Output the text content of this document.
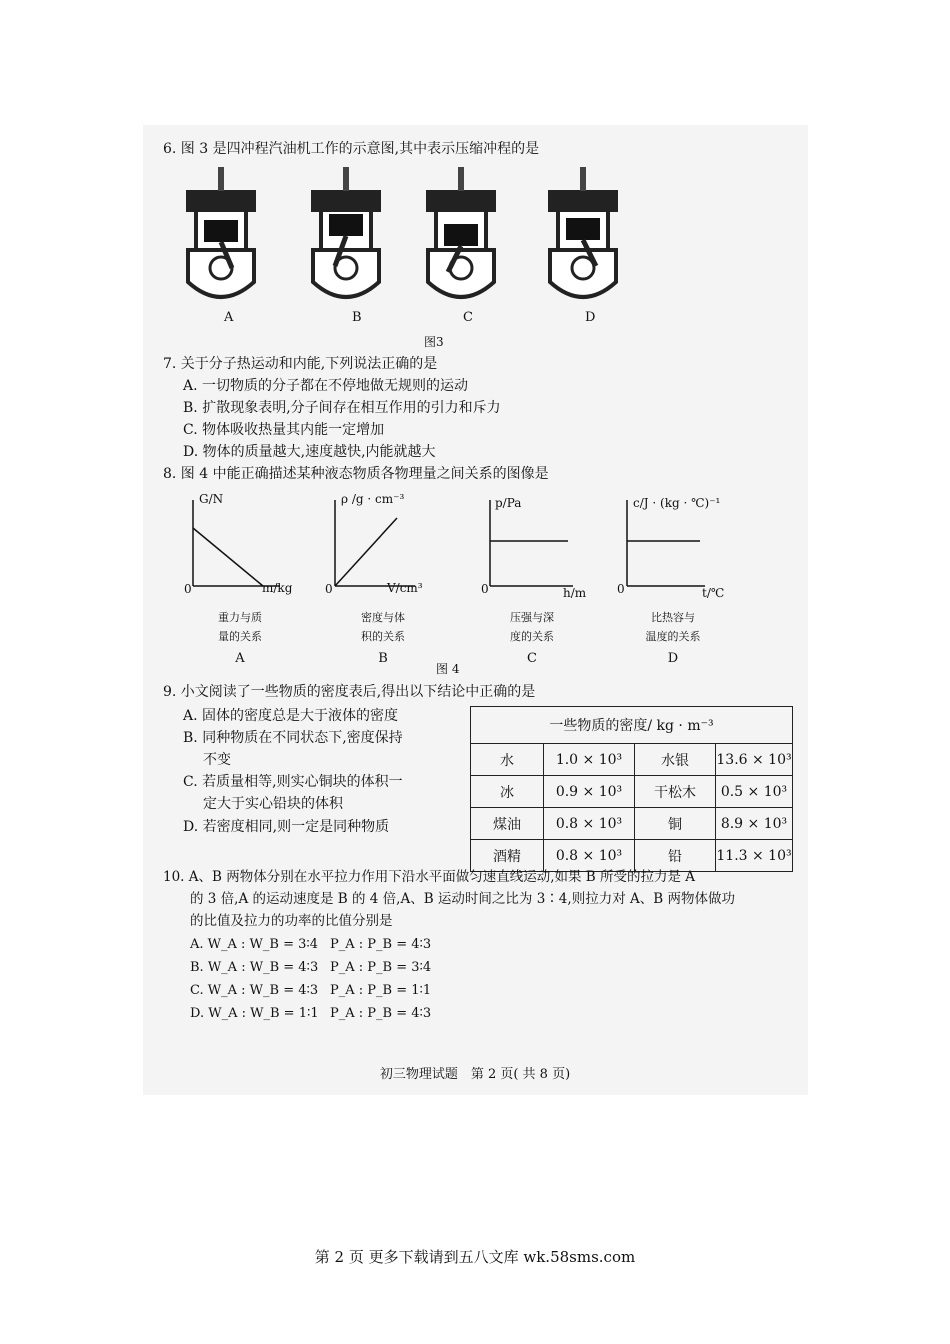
6. 图 3 是四冲程汽油机工作的示意图,其中表示压缩冲程的是
A	B	C	D
图3
7. 关于分子热运动和内能,下列说法正确的是
A. 一切物质的分子都在不停地做无规则的运动
B. 扩散现象表明,分子间存在相互作用的引力和斥力
C. 物体吸收热量其内能一定增加
D. 物体的质量越大,速度越快,内能就越大
8. 图 4 中能正确描述某种液态物质各物理量之间关系的图像是
G/N
m/kg
0
ρ /g · cm⁻³
V/cm³
0
p/Pa
h/m
0
c/J · (kg · ℃)⁻¹
t/℃
0
重力与质
量的关系
A
密度与体
积的关系
B
压强与深
度的关系
C
比热容与
温度的关系
D
图 4
9. 小文阅读了一些物质的密度表后,得出以下结论中正确的是
A. 固体的密度总是大于液体的密度
B. 同种物质在不同状态下,密度保持
不变
C. 若质量相等,则实心铜块的体积一
定大于实心铅块的体积
D. 若密度相同,则一定是同种物质
一些物质的密度/ kg · m⁻³			
水	1.0 × 10³	水银	13.6 × 10³
冰	0.9 × 10³	干松木	0.5 × 10³
煤油	0.8 × 10³	铜	8.9 × 10³
酒精	0.8 × 10³	铅	11.3 × 10³
10. A、B 两物体分别在水平拉力作用下沿水平面做匀速直线运动,如果 B 所受的拉力是 A
的 3 倍,A 的运动速度是 B 的 4 倍,A、B 运动时间之比为 3∶4,则拉力对 A、B 两物体做功
的比值及拉力的功率的比值分别是
A. W_A : W_B = 3∶4 P_A : P_B = 4∶3
B. W_A : W_B = 4∶3 P_A : P_B = 3∶4
C. W_A : W_B = 4∶3 P_A : P_B = 1∶1
D. W_A : W_B = 1∶1 P_A : P_B = 4∶3
初三物理试题　第 2 页( 共 8 页)
第 2 页 更多下载请到五八文库 wk.58sms.com
